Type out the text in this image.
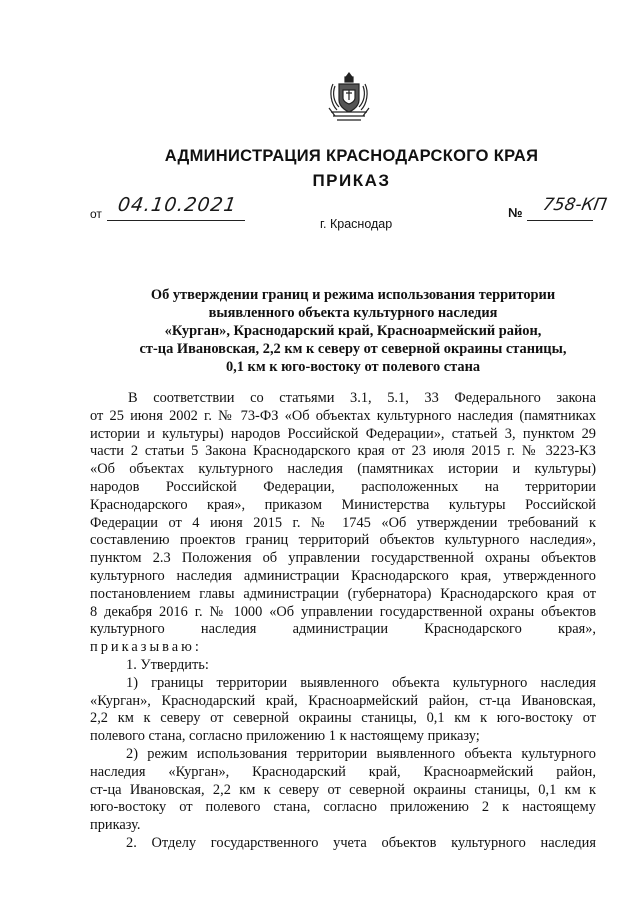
АДМИНИСТРАЦИЯ КРАСНОДАРСКОГО КРАЯ
ПРИКАЗ
от 04.10.2021
г. Краснодар
№ 758-КП
Об утверждении границ и режима использования территории
выявленного объекта культурного наследия
«Курган», Краснодарский край, Красноармейский район,
ст-ца Ивановская, 2,2 км к северу от северной окраины станицы,
0,1 км к юго-востоку от полевого стана
В соответствии со статьями 3.1, 5.1, 33 Федерального закона
от 25 июня 2002 г. № 73-ФЗ «Об объектах культурного наследия (памятниках
истории и культуры) народов Российской Федерации», статьей 3, пунктом 29
части 2 статьи 5 Закона Краснодарского края от 23 июля 2015 г. № 3223-КЗ
«Об объектах культурного наследия (памятниках истории и культуры)
народов Российской Федерации, расположенных на территории
Краснодарского края», приказом Министерства культуры Российской
Федерации от 4 июня 2015 г. № 1745 «Об утверждении требований к
составлению проектов границ территорий объектов культурного наследия»,
пунктом 2.3 Положения об управлении государственной охраны объектов
культурного наследия администрации Краснодарского края, утвержденного
постановлением главы администрации (губернатора) Краснодарского края от
8 декабря 2016 г. № 1000 «Об управлении государственной охраны объектов
культурного наследия администрации Краснодарского края»,
приказываю:
1. Утвердить:
1) границы территории выявленного объекта культурного наследия
«Курган», Краснодарский край, Красноармейский район, ст-ца Ивановская,
2,2 км к северу от северной окраины станицы, 0,1 км к юго-востоку от
полевого стана, согласно приложению 1 к настоящему приказу;
2) режим использования территории выявленного объекта культурного
наследия «Курган», Краснодарский край, Красноармейский район,
ст-ца Ивановская, 2,2 км к северу от северной окраины станицы, 0,1 км к
юго-востоку от полевого стана, согласно приложению 2 к настоящему
приказу.
2. Отделу государственного учета объектов культурного наследия
